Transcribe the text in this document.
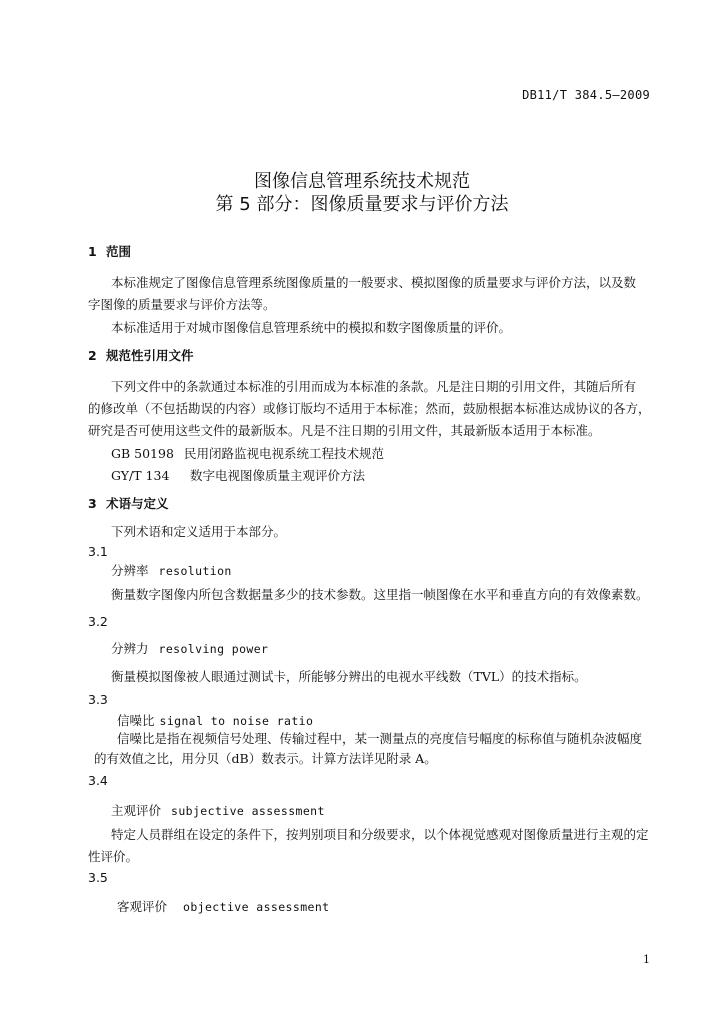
DB11/T 384.5—2009
图像信息管理系统技术规范
第 5 部分：图像质量要求与评价方法
1 范围
本标准规定了图像信息管理系统图像质量的一般要求、模拟图像的质量要求与评价方法，以及数
字图像的质量要求与评价方法等。
本标准适用于对城市图像信息管理系统中的模拟和数字图像质量的评价。
2 规范性引用文件
下列文件中的条款通过本标准的引用而成为本标准的条款。凡是注日期的引用文件，其随后所有
的修改单（不包括勘误的内容）或修订版均不适用于本标准；然而，鼓励根据本标准达成协议的各方，
研究是否可使用这些文件的最新版本。凡是不注日期的引用文件，其最新版本适用于本标准。
GB 50198 民用闭路监视电视系统工程技术规范
GY/T 134 数字电视图像质量主观评价方法
3 术语与定义
下列术语和定义适用于本部分。
3.1
分辨率 resolution
衡量数字图像内所包含数据量多少的技术参数。这里指一帧图像在水平和垂直方向的有效像素数。
3.2
分辨力 resolving power
衡量模拟图像被人眼通过测试卡，所能够分辨出的电视水平线数（TVL）的技术指标。
3.3
信噪比 signal to noise ratio
信噪比是指在视频信号处理、传输过程中，某一测量点的亮度信号幅度的标称值与随机杂波幅度
的有效值之比，用分贝（dB）数表示。计算方法详见附录 A。
3.4
主观评价 subjective assessment
特定人员群组在设定的条件下，按判别项目和分级要求，以个体视觉感观对图像质量进行主观的定
性评价。
3.5
客观评价 objective assessment
1
